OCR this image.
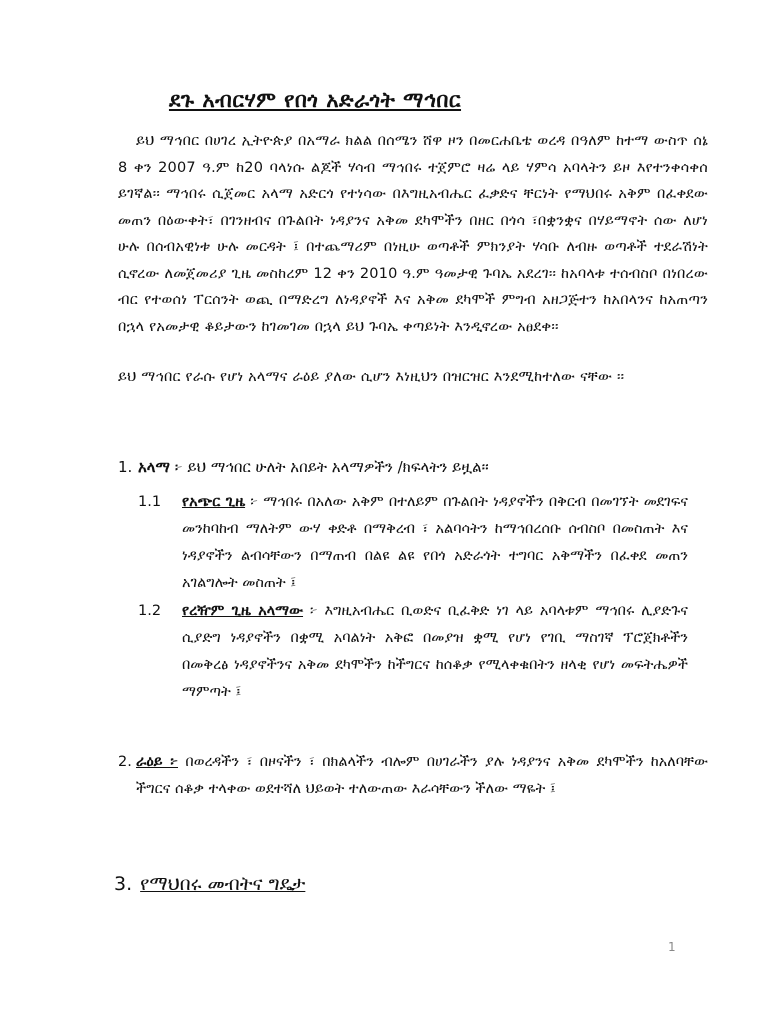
ደጉ አብርሃም የበጎ አድራጎት ማኅበር
ይህ ማኅበር በሀገረ ኢትዮጵያ በአማራ ክልል በሰሜን ሸዋ ዞን በመርሐቤቴ ወረዳ በዓለም ከተማ ውስጥ ሰኔ 8 ቀን 2007 ዓ.ም ከ20 ባላነሱ ልጆች ሃሳብ ማኅበሩ ተጀምሮ ዛሬ ላይ ሃምሳ አባላትን ይዞ እየተንቀሳቀሰ ይገኛል፡፡ ማኅበሩ ሲጀመር አላማ አድርጎ የተነሳው በእግዚአብሔር ፈቃድና ቸርነት የማህበሩ አቅም በፈቀደው መጠን በዕውቀት፣ በገንዘብና በጉልበት ነዳያንና አቅመ ደካሞችን በዘር በጎሳ ፣በቋንቋና በሃይማኖት ሰው ለሆነ ሁሉ በሰብአዊነቱ ሁሉ መርዳት ፤ በተጨማሪም በነዚሁ ወጣቶች ምክንያት ሃሳቡ ለብዙ ወጣቶች ተደራሽነት ሲኖረው ለመጀመሪያ ጊዜ መስከረም 12 ቀን 2010 ዓ.ም ዓመታዊ ጉባኤ አደረገ፡፡ ከአባላቱ ተሰብስቦ በነበረው ብር የተወሰነ ፐርሰንት ወጪ በማድረግ ለነዳያኖች እና አቅመ ደካሞች ምግብ አዘጋጅተን ከአበላንና ከአጠጣን በኋላ የአመታዊ ቆይታውን ከገመገመ በኋላ ይህ ጉባኤ ቀጣይነት እንዲኖረው አፀደቀ፡፡
ይህ ማኅበር የራሱ የሆነ አላማና ራዕይ ያለው ሲሆን እነዚህን በዝርዝር እንደሚከተለው ናቸው ፡፡
1. አላማ ፦ ይህ ማኅበር ሁለት አበይት አላማዎችን /ክፍላትን ይዟል፡፡
1.1	የአጭር ጊዜ ፦ ማኅበሩ በአለው አቅም በተለይም በጉልበት ነዳያኖችን በቅርብ በመገኘት መደገፍና መንከባከብ ማለትም ውሃ ቀድቶ በማቅረብ ፣ አልባሳትን ከማኅበረሰቡ ሰብስቦ በመስጠት እና ነዳያኖችን ልብሳቸውን በማጠብ በልዩ ልዩ የበጎ አድራጎት ተግባር አቅማችን በፈቀደ መጠን አገልግሎት መስጠት ፤
1.2	የረዥም ጊዜ አላማው ፦ እግዚአብሔር ቢወድና ቢፈቅድ ነገ ላይ አባላቱም ማኅበሩ ሊያድጉና ሲያድግ ነዳያኖችን በቋሚ አባልነት አቅፎ በመያዝ ቋሚ የሆነ የገቢ ማስገኛ ፕሮጀክቶችን በመቅረፅ ነዳያኖችንና አቅመ ደካሞችን ከችግርና ከሰቆቃ የሚላቀቁበትን ዘላቂ የሆነ መፍትሔዎች ማምጣት ፤
2. ራዕይ ፦ በወረዳችን ፣ በዞናችን ፣ በክልላችን ብሎም በሀገራችን ያሉ ነዳያንና አቅመ ደካሞችን ከአለባቸው ችግርና ሰቆቃ ተላቀው ወደተሻለ ህይወት ተለውጠው እራሳቸውን ችለው ማዬት ፤
3. የማህበሩ መብትና ግዴታ
1
